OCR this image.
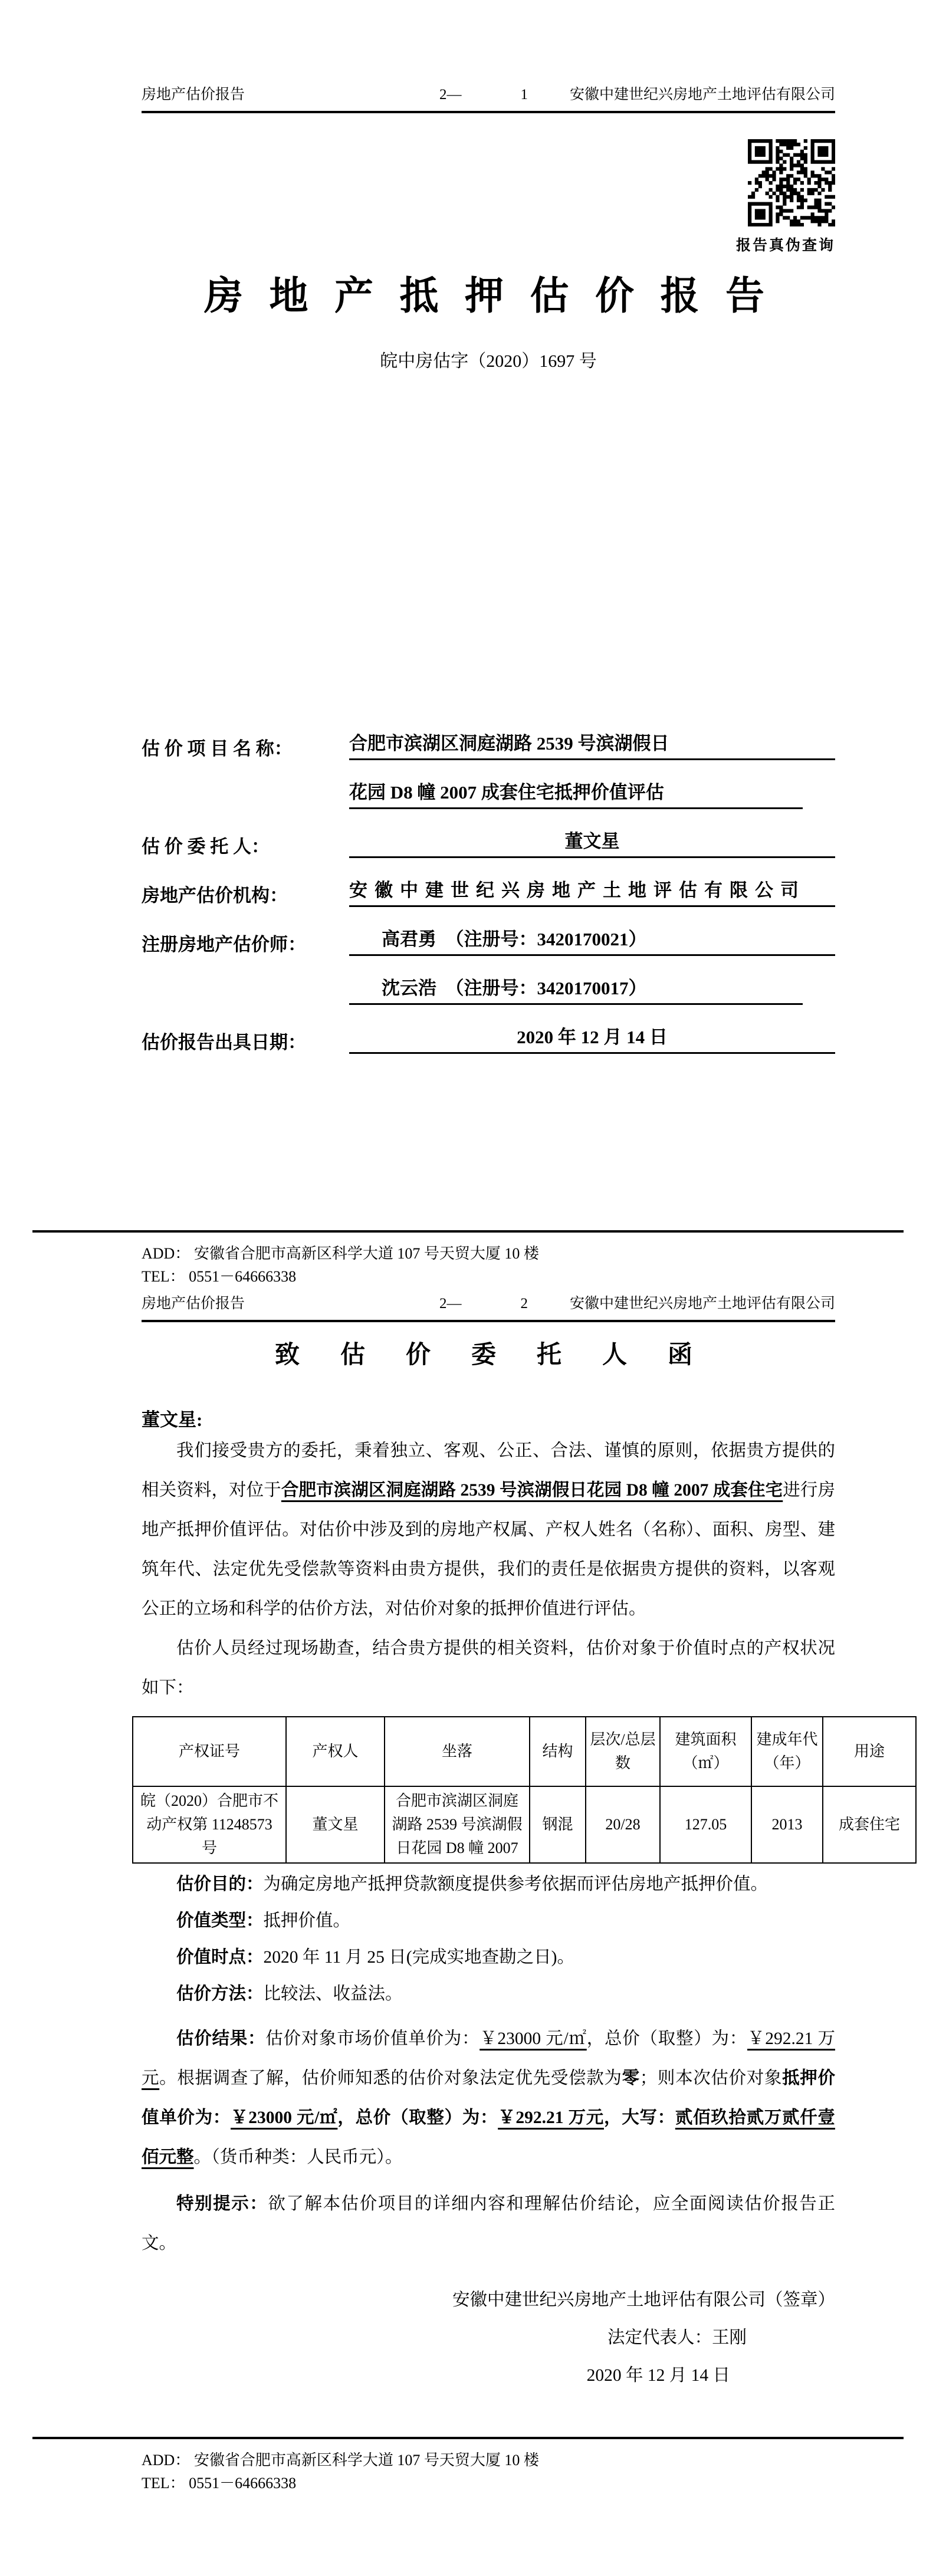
房地产估价报告	2—	1	安徽中建世纪兴房地产土地评估有限公司
报告真伪查询
房 地 产 抵 押 估 价 报 告
皖中房估字（2020）1697 号
估 价 项 目 名 称：	合肥市滨湖区洞庭湖路 2539 号滨湖假日
花园 D8 幢 2007 成套住宅抵押价值评估
估 价 委 托 人：	董文星
房地产估价机构：	安徽中建世纪兴房地产土地评估有限公司
注册房地产估价师：	高君勇　（注册号：3420170021）
沈云浩　（注册号：3420170017）
估价报告出具日期：	2020 年 12 月 14 日
ADD： 安徽省合肥市高新区科学大道 107 号天贸大厦 10 楼
TEL： 0551－64666338
房地产估价报告	2—	2	安徽中建世纪兴房地产土地评估有限公司
致  估  价  委  托  人  函
董文星:

我们接受贵方的委托，秉着独立、客观、公正、合法、谨慎的原则，依据贵方提供的相关资料，对位于合肥市滨湖区洞庭湖路 2539 号滨湖假日花园 D8 幢 2007 成套住宅进行房地产抵押价值评估。对估价中涉及到的房地产权属、产权人姓名（名称）、面积、房型、建筑年代、法定优先受偿款等资料由贵方提供，我们的责任是依据贵方提供的资料，以客观公正的立场和科学的估价方法，对估价对象的抵押价值进行评估。

估价人员经过现场勘查，结合贵方提供的相关资料，估价对象于价值时点的产权状况如下：

产权证号	产权人	坐落	结构	层次/总层数	建筑面积（㎡）	建成年代（年）	用途
皖（2020）合肥市不动产权第 11248573 号	董文星	合肥市滨湖区洞庭湖路 2539 号滨湖假日花园 D8 幢 2007	钢混	20/28	127.05	2013	成套住宅
估价目的：为确定房地产抵押贷款额度提供参考依据而评估房地产抵押价值。
价值类型：抵押价值。
价值时点：2020 年 11 月 25 日(完成实地查勘之日)。
估价方法：比较法、收益法。

估价结果：估价对象市场价值单价为：￥23000 元/㎡，总价（取整）为：￥292.21 万元。根据调查了解，估价师知悉的估价对象法定优先受偿款为零；则本次估价对象抵押价值单价为：￥23000 元/㎡，总价（取整）为：￥292.21 万元，大写：贰佰玖拾贰万贰仟壹佰元整。（货币种类：人民币元）。

特别提示：欲了解本估价项目的详细内容和理解估价结论，应全面阅读估价报告正文。

安徽中建世纪兴房地产土地评估有限公司（签章）
法定代表人：王刚
2020 年 12 月 14 日
ADD： 安徽省合肥市高新区科学大道 107 号天贸大厦 10 楼
TEL： 0551－64666338
